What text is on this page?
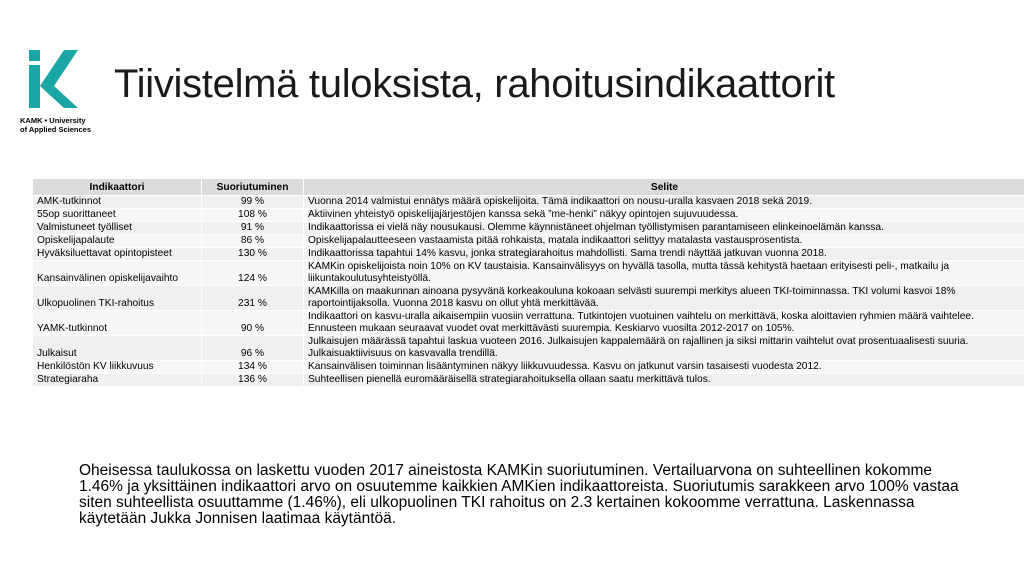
KAMK • University
of Applied Sciences
Tiivistelmä tuloksista, rahoitusindikaattorit
Indikaattori	Suoriutuminen	Selite
AMK-tutkinnot	99 %	Vuonna 2014 valmistui ennätys määrä opiskelijoita. Tämä indikaattori on nousu-uralla kasvaen 2018 sekä 2019.
55op suorittaneet	108 %	Aktiivinen yhteistyö opiskelijajärjestöjen kanssa sekä ”me-henki” näkyy opintojen sujuvuudessa.
Valmistuneet työlliset	91 %	Indikaattorissa ei vielä näy nousukausi. Olemme käynnistäneet ohjelman työllistymisen parantamiseen elinkeinoelämän kanssa.
Opiskelijapalaute	86 %	Opiskelijapalautteeseen vastaamista pitää rohkaista, matala indikaattori selittyy matalasta vastausprosentista.
Hyväksiluettavat opintopisteet	130 %	Indikaattorissa tapahtui 14% kasvu, jonka strategiarahoitus mahdollisti. Sama trendi näyttää jatkuvan vuonna 2018.
Kansainvälinen opiskelijavaihto	124 %	KAMKin opiskelijoista noin 10% on KV taustaisia. Kansainvälisyys on hyvällä tasolla, mutta tässä kehitystä haetaan erityisesti peli-, matkailu ja liikuntakoulutusyhteistyöllä.
Ulkopuolinen TKI-rahoitus	231 %	KAMKilla on maakunnan ainoana pysyvänä korkeakouluna kokoaan selvästi suurempi merkitys alueen TKI-toiminnassa. TKI volumi kasvoi 18% raportointijaksolla. Vuonna 2018 kasvu on ollut yhtä merkittävää.
YAMK-tutkinnot	90 %	Indikaattori on kasvu-uralla aikaisempiin vuosiin verrattuna. Tutkintojen vuotuinen vaihtelu on merkittävä, koska aloittavien ryhmien määrä vaihtelee. Ennusteen mukaan seuraavat vuodet ovat merkittävästi suurempia. Keskiarvo vuosilta 2012-2017 on 105%.
Julkaisut	96 %	Julkaisujen määrässä tapahtui laskua vuoteen 2016. Julkaisujen kappalemäärä on rajallinen ja siksi mittarin vaihtelut ovat prosentuaalisesti suuria. Julkaisuaktiivisuus on kasvavalla trendillä.
Henkilöstön KV liikkuvuus	134 %	Kansainvälisen toiminnan lisääntyminen näkyy liikkuvuudessa. Kasvu on jatkunut varsin tasaisesti vuodesta 2012.
Strategiaraha	136 %	Suhteellisen pienellä euromääräisellä strategiarahoituksella ollaan saatu merkittävä tulos.
Oheisessa taulukossa on laskettu vuoden 2017 aineistosta KAMKin suoriutuminen. Vertailuarvona on suhteellinen kokomme 1.46% ja yksittäinen indikaattori arvo on osuutemme kaikkien AMKien indikaattoreista. Suoriutumis sarakkeen arvo 100% vastaa siten suhteellista osuuttamme (1.46%), eli ulkopuolinen TKI rahoitus on 2.3 kertainen kokoomme verrattuna. Laskennassa käytetään Jukka Jonnisen laatimaa käytäntöä.
